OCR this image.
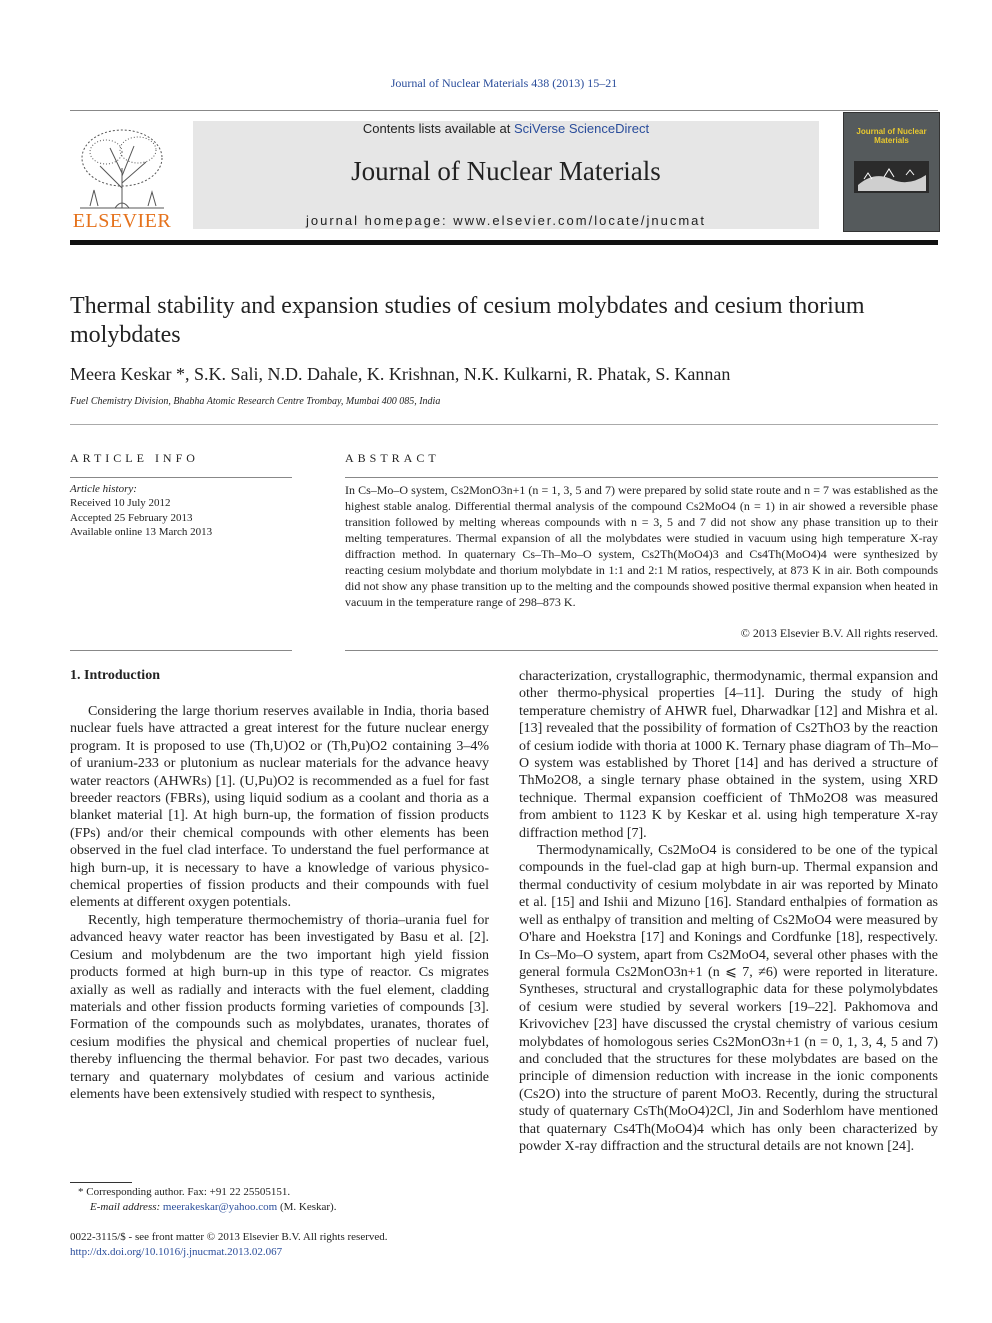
Journal of Nuclear Materials 438 (2013) 15–21
ELSEVIER
Contents lists available at SciVerse ScienceDirect
Journal of Nuclear Materials
journal homepage: www.elsevier.com/locate/jnucmat
Journal of Nuclear Materials
Thermal stability and expansion studies of cesium molybdates and cesium thorium molybdates
Meera Keskar *, S.K. Sali, N.D. Dahale, K. Krishnan, N.K. Kulkarni, R. Phatak, S. Kannan
Fuel Chemistry Division, Bhabha Atomic Research Centre Trombay, Mumbai 400 085, India
ARTICLE INFO
Article history:
Received 10 July 2012
Accepted 25 February 2013
Available online 13 March 2013
ABSTRACT
In Cs–Mo–O system, Cs2MonO3n+1 (n = 1, 3, 5 and 7) were prepared by solid state route and n = 7 was established as the highest stable analog. Differential thermal analysis of the compound Cs2MoO4 (n = 1) in air showed a reversible phase transition followed by melting whereas compounds with n = 3, 5 and 7 did not show any phase transition up to their melting temperatures. Thermal expansion of all the molybdates were studied in vacuum using high temperature X-ray diffraction method. In quaternary Cs–Th–Mo–O system, Cs2Th(MoO4)3 and Cs4Th(MoO4)4 were synthesized by reacting cesium molybdate and thorium molybdate in 1:1 and 2:1 M ratios, respectively, at 873 K in air. Both compounds did not show any phase transition up to the melting and the compounds showed positive thermal expansion when heated in vacuum in the temperature range of 298–873 K.
© 2013 Elsevier B.V. All rights reserved.
1. Introduction

Considering the large thorium reserves available in India, thoria based nuclear fuels have attracted a great interest for the future nuclear energy program. It is proposed to use (Th,U)O2 or (Th,Pu)O2 containing 3–4% of uranium-233 or plutonium as nuclear materials for the advance heavy water reactors (AHWRs) [1]. (U,Pu)O2 is recommended as a fuel for fast breeder reactors (FBRs), using liquid sodium as a coolant and thoria as a blanket material [1]. At high burn-up, the formation of fission products (FPs) and/or their chemical compounds with other elements has been observed in the fuel clad interface. To understand the fuel performance at high burn-up, it is necessary to have a knowledge of various physico-chemical properties of fission products and their compounds with fuel elements at different oxygen potentials.

Recently, high temperature thermochemistry of thoria–urania fuel for advanced heavy water reactor has been investigated by Basu et al. [2]. Cesium and molybdenum are the two important high yield fission products formed at high burn-up in this type of reactor. Cs migrates axially as well as radially and interacts with the fuel element, cladding materials and other fission products forming varieties of compounds [3]. Formation of the compounds such as molybdates, uranates, thorates of cesium modifies the physical and chemical properties of nuclear fuel, thereby influencing the thermal behavior. For past two decades, various ternary and quaternary molybdates of cesium and various actinide elements have been extensively studied with respect to synthesis,

characterization, crystallographic, thermodynamic, thermal expansion and other thermo-physical properties [4–11]. During the study of high temperature chemistry of AHWR fuel, Dharwadkar [12] and Mishra et al. [13] revealed that the possibility of formation of Cs2ThO3 by the reaction of cesium iodide with thoria at 1000 K. Ternary phase diagram of Th–Mo–O system was established by Thoret [14] and has derived a structure of ThMo2O8, a single ternary phase obtained in the system, using XRD technique. Thermal expansion coefficient of ThMo2O8 was measured from ambient to 1123 K by Keskar et al. using high temperature X-ray diffraction method [7].

Thermodynamically, Cs2MoO4 is considered to be one of the typical compounds in the fuel-clad gap at high burn-up. Thermal expansion and thermal conductivity of cesium molybdate in air was reported by Minato et al. [15] and Ishii and Mizuno [16]. Standard enthalpies of formation as well as enthalpy of transition and melting of Cs2MoO4 were measured by O'hare and Hoekstra [17] and Konings and Cordfunke [18], respectively. In Cs–Mo–O system, apart from Cs2MoO4, several other phases with the general formula Cs2MonO3n+1 (n ⩽ 7, ≠6) were reported in literature. Syntheses, structural and crystallographic data for these polymolybdates of cesium were studied by several workers [19–22]. Pakhomova and Krivovichev [23] have discussed the crystal chemistry of various cesium molybdates of homologous series Cs2MonO3n+1 (n = 0, 1, 3, 4, 5 and 7) and concluded that the structures for these molybdates are based on the principle of dimension reduction with increase in the ionic components (Cs2O) into the structure of parent MoO3. Recently, during the structural study of quaternary CsTh(MoO4)2Cl, Jin and Soderhlom have mentioned that quaternary Cs4Th(MoO4)4 which has only been characterized by powder X-ray diffraction and the structural details are not known [24].

* Corresponding author. Fax: +91 22 25505151.
E-mail address: meerakeskar@yahoo.com (M. Keskar).
0022-3115/$ - see front matter © 2013 Elsevier B.V. All rights reserved.
http://dx.doi.org/10.1016/j.jnucmat.2013.02.067
